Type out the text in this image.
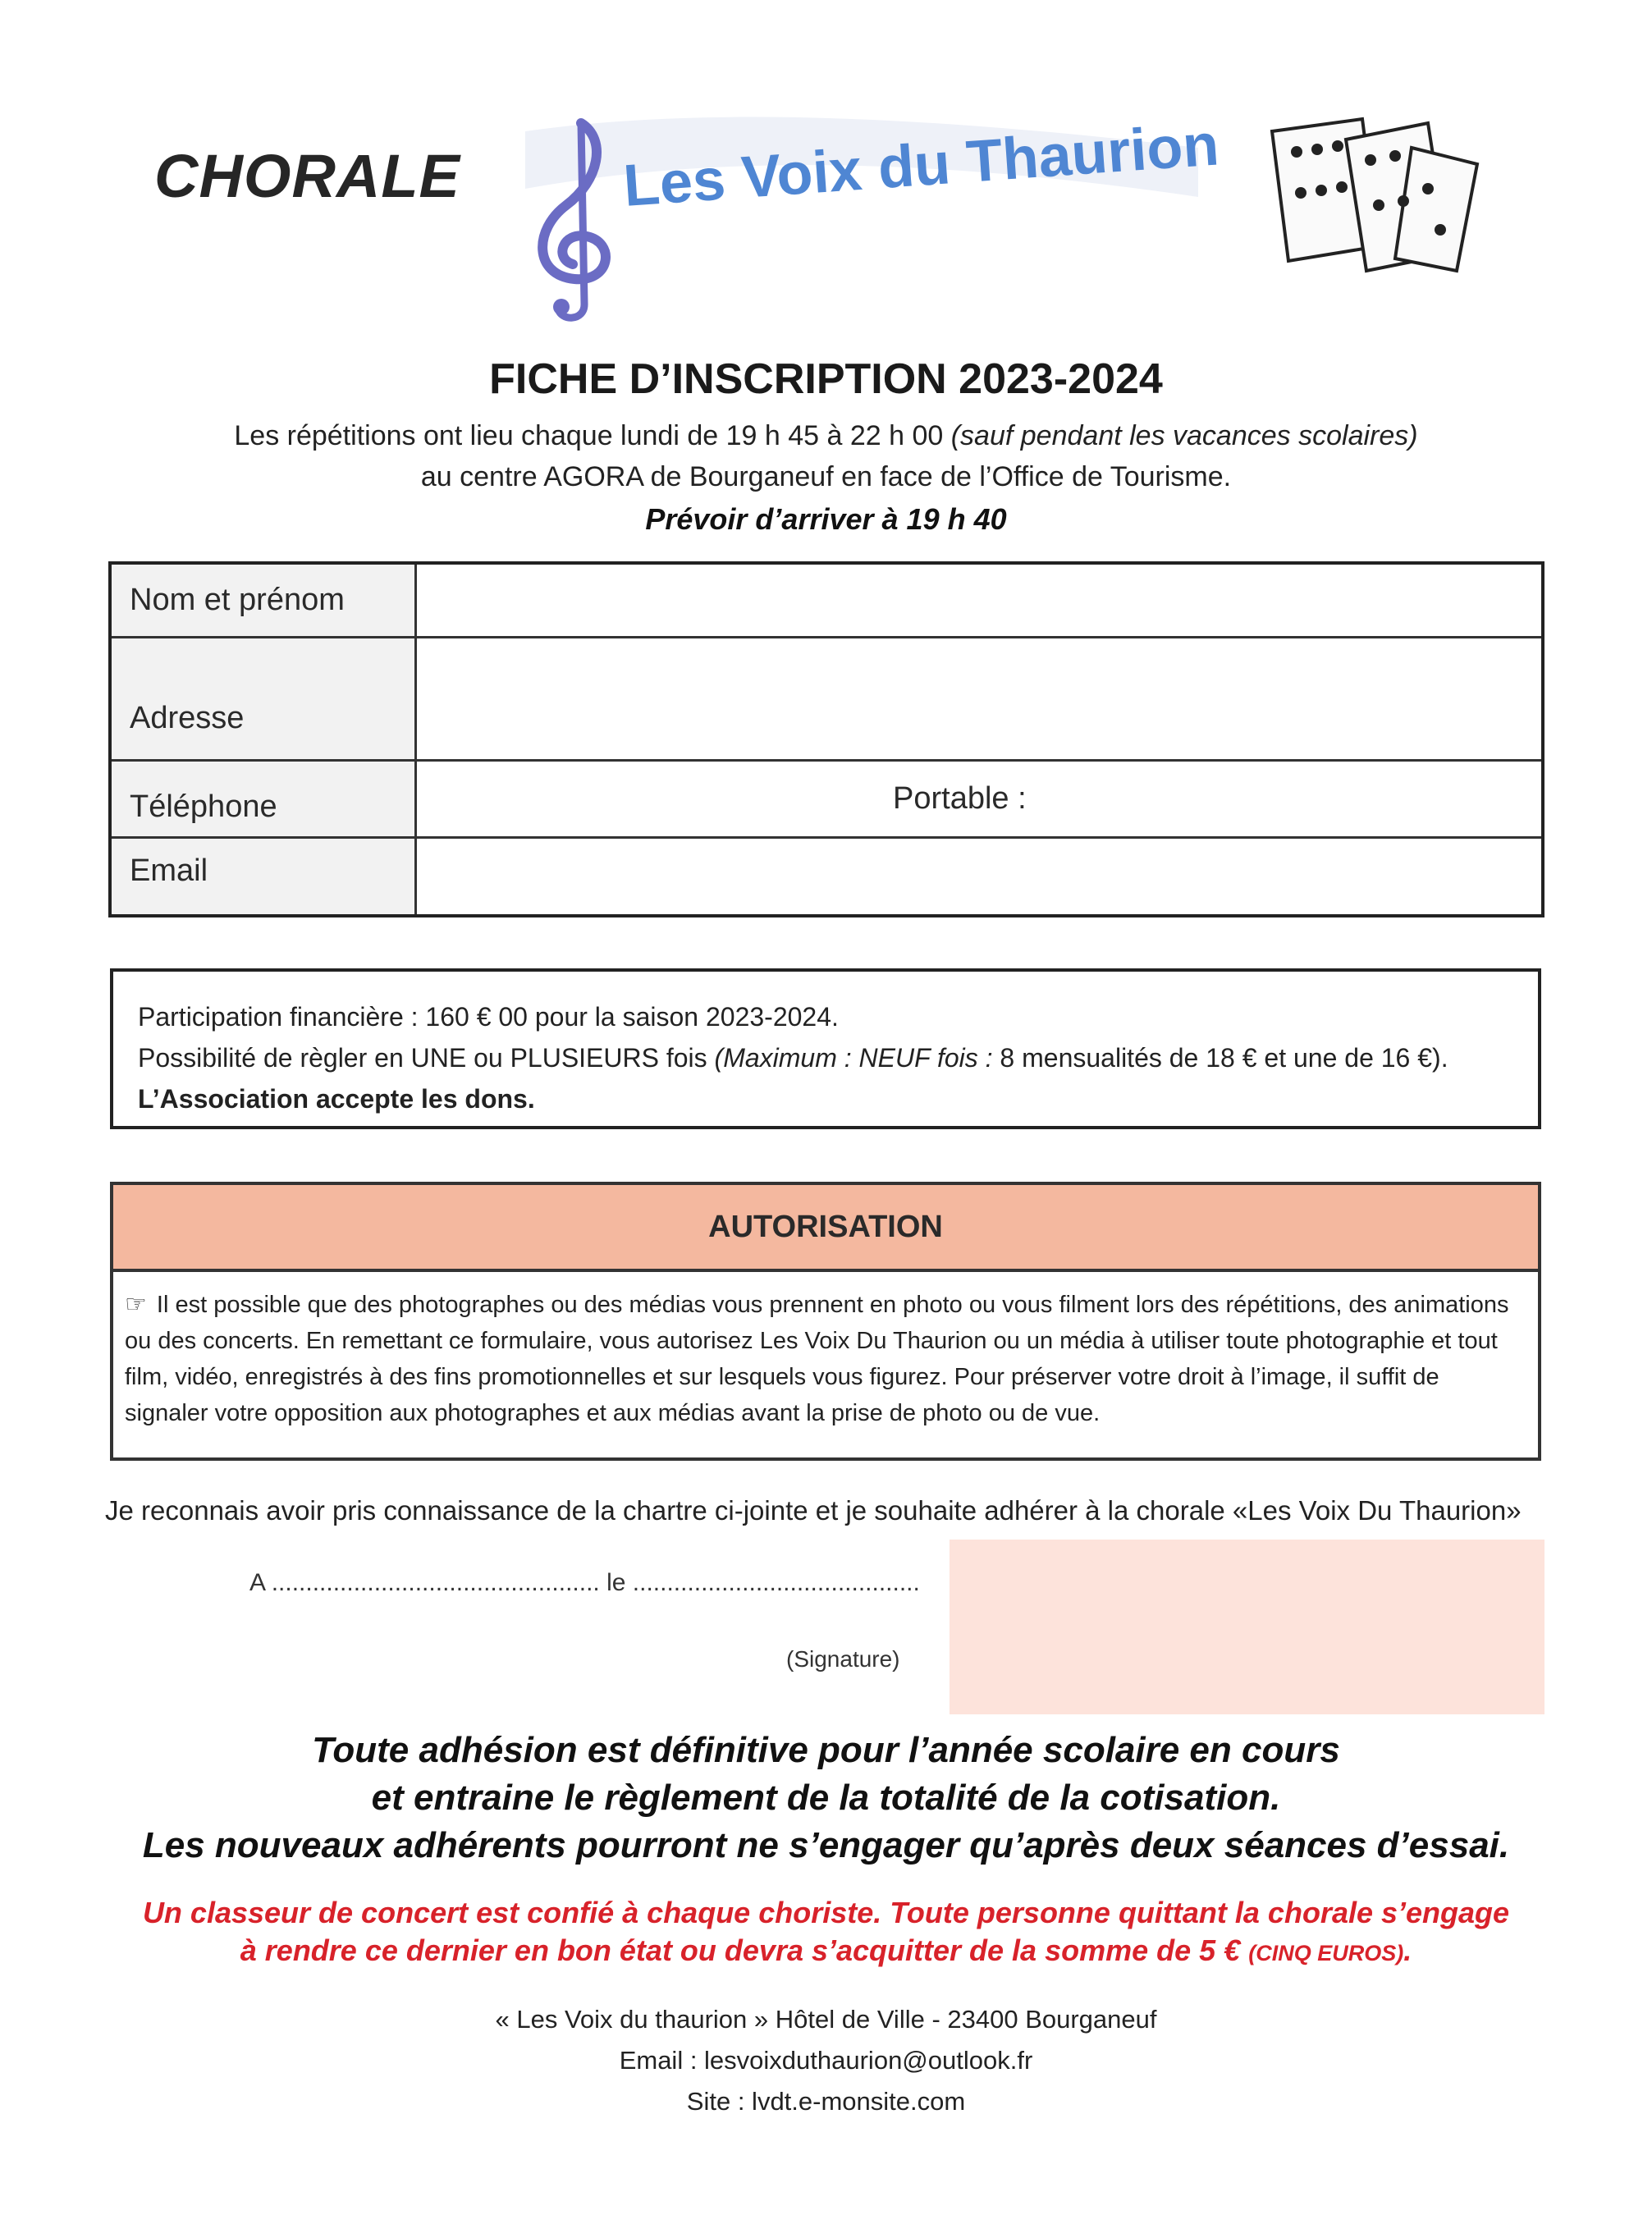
CHORALE	Les Voix du Thaurion
FICHE D’INSCRIPTION 2023-2024
Les répétitions ont lieu chaque lundi de 19 h 45 à 22 h 00 (sauf pendant les vacances scolaires)
au centre AGORA de Bourganeuf en face de l’Office de Tourisme.
Prévoir d’arriver à 19 h 40
Nom et prénom	
Adresse	
Téléphone	Portable :
Email	
Participation financière : 160 € 00 pour la saison 2023-2024.
Possibilité de règler en UNE ou PLUSIEURS fois (Maximum : NEUF fois : 8 mensualités de 18 € et une de 16 €).
L’Association accepte les dons.
AUTORISATION
☞ Il est possible que des photographes ou des médias vous prennent en photo ou vous filment lors des répétitions, des animations ou des concerts. En remettant ce formulaire, vous autorisez Les Voix Du Thaurion ou un média à utiliser toute photographie et tout film, vidéo, enregistrés à des fins promotionnelles et sur lesquels vous figurez. Pour préserver votre droit à l’image, il suffit de signaler votre opposition aux photographes et aux médias avant la prise de photo ou de vue.
Je reconnais avoir pris connaissance de la chartre ci-jointe et je souhaite adhérer à la chorale «Les Voix Du Thaurion»
A ................................................ le ..........................................
(Signature)
Toute adhésion est définitive pour l’année scolaire en cours
et entraine le règlement de la totalité de la cotisation.
Les nouveaux adhérents pourront ne s’engager qu’après deux séances d’essai.
Un classeur de concert est confié à chaque choriste. Toute personne quittant la chorale s’engage
à rendre ce dernier en bon état ou devra s’acquitter de la somme de 5 € (CINQ EUROS).
« Les Voix du thaurion » Hôtel de Ville - 23400 Bourganeuf
Email : lesvoixduthaurion@outlook.fr
Site : lvdt.e-monsite.com
